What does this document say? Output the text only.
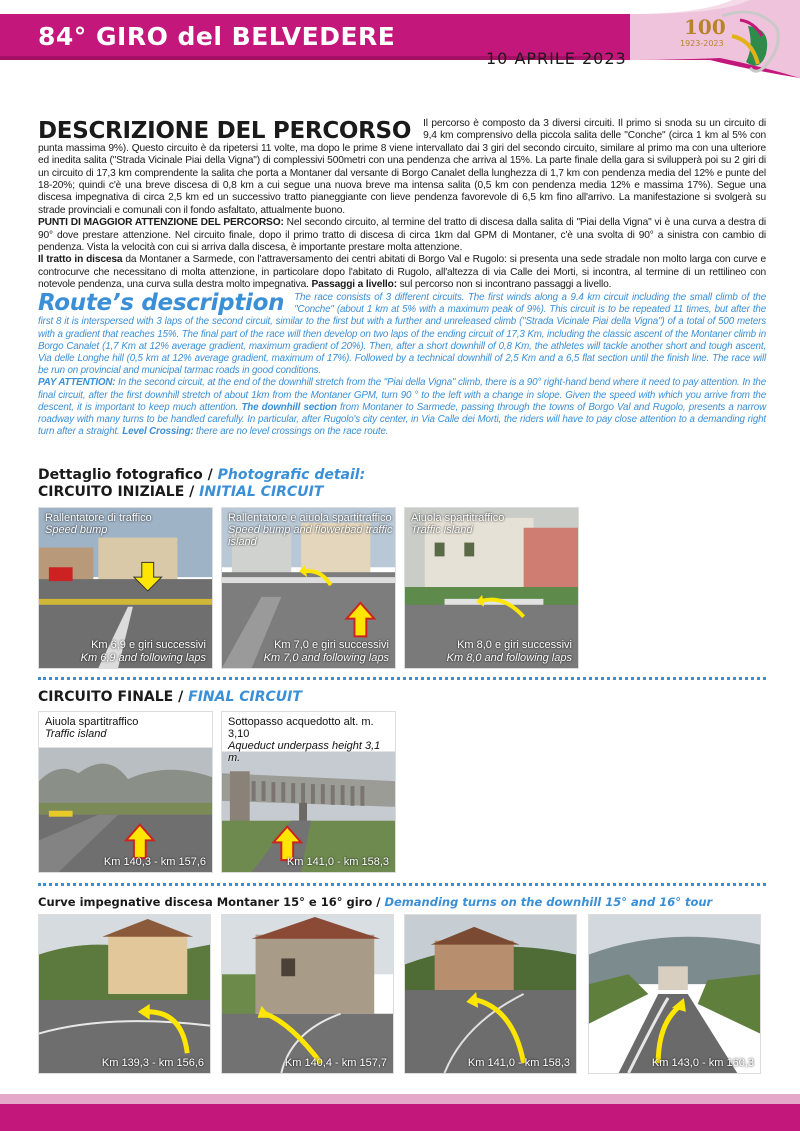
84° GIRO del BELVEDERE
10 APRILE 2023
100
1923-2023
DESCRIZIONE DEL PERCORSO	Il percorso è composto da 3 diversi circuiti. Il primo si snoda su un circuito di 9,4 km comprensivo della piccola salita delle "Conche" (circa 1 km al 5% con punta massima 9%). Questo circuito è da ripetersi 11 volte, ma dopo le prime 8 viene intervallato dai 3 giri del secondo circuito, similare al primo ma con una ulteriore ed inedita salita ("Strada Vicinale Piai della Vigna") di complessivi 500metri con una pendenza che arriva al 15%. La parte finale della gara si svilupperà poi su 2 giri di un circuito di 17,3 km comprendente la salita che porta a Montaner dal versante di Borgo Canalet della lunghezza di 1,7 km con pendenza media del 12% e punte del 18-20%; quindi c'è una breve discesa di 0,8 km a cui segue una nuova breve ma intensa salita (0,5 km con pendenza media 12% e massima 17%). Segue una discesa impegnativa di circa 2,5 km ed un successivo tratto pianeggiante con lieve pendenza favorevole di 6,5 km fino all'arrivo. La manifestazione si svolgerà su strade provinciali e comunali con il fondo asfaltato, attualmente buono.

PUNTI DI MAGGIOR ATTENZIONE DEL PERCORSO: Nel secondo circuito, al termine del tratto di discesa dalla salita di "Piai della Vigna" vi è una curva a destra di 90° dove prestare attenzione. Nel circuito finale, dopo il primo tratto di discesa di circa 1km dal GPM di Montaner, c'è una svolta di 90° a sinistra con cambio di pendenza. Vista la velocità con cui si arriva dalla discesa, è importante prestare molta attenzione.

Il tratto in discesa da Montaner a Sarmede, con l'attraversamento dei centri abitati di Borgo Val e Rugolo: si presenta una sede stradale non molto larga con curve e controcurve che necessitano di molta attenzione, in particolare dopo l'abitato di Rugolo, all'altezza di via Calle dei Morti, si incontra, al termine di un rettilineo con notevole pendenza, una curva sulla destra molto impegnativa. Passaggi a livello: sul percorso non si incontrano passaggi a livello.

Route’s description	The race consists of 3 different circuits. The first winds along a 9.4 km circuit including the small climb of the "Conche" (about 1 km at 5% with a maximum peak of 9%). This circuit is to be repeated 11 times, but after the first 8 it is interspersed with 3 laps of the second circuit, similar to the first but with a further and unreleased climb ("Strada Vicinale Piai della Vigna") of a total of 500 meters with a gradient that reaches 15%. The final part of the race will then develop on two laps of the ending circuit of 17,3 Km, including the classic ascent of the Montaner climb in Borgo Canalet (1,7 Km at 12% average gradient, maximum gradient of 20%). Then, after a short downhill of 0,8 Km, the athletes will tackle another short and tough ascent, Via delle Longhe hill (0,5 km at 12% average gradient, maximum of 17%). Followed by a technical downhill of 2,5 Km and a 6,5 flat section until the finish line. The race will be run on provincial and municipal tarmac roads in good conditions.

PAY ATTENTION: In the second circuit, at the end of the downhill stretch from the "Piai della Vigna" climb, there is a 90° right-hand bend where it need to pay attention. In the final circuit, after the first downhill stretch of about 1km from the Montaner GPM, turn 90 ° to the left with a change in slope. Given the speed with which you arrive from the descent, it is important to keep much attention. The downhill section from Montaner to Sarmede, passing through the towns of Borgo Val and Rugolo, presents a narrow roadway with many turns to be handled carefully. In particular, after Rugolo's city center, in Via Calle dei Morti, the riders will have to pay close attention to a demanding right turn after a straight. Level Crossing: there are no level crossings on the race route.

Dettaglio fotografico / Photografic detail:
CIRCUITO INIZIALE / INITIAL CIRCUIT
Rallentatore di traffico
Speed bump
Km 6,9 e giri successivi
Km 6,9 and following laps
Rallentatore e aiuola spartitraffico
Speed bump and flowerbad traffic island
Km 7,0 e giri successivi
Km 7,0 and following laps
Aiuola spartitraffico
Traffic island
Km 8,0 e giri successivi
Km 8,0 and following laps
CIRCUITO FINALE / FINAL CIRCUIT
Aiuola spartitraffico
Traffic island
Km 140,3 - km 157,6
Sottopasso acquedotto alt. m. 3,10
Aqueduct underpass height 3,1 m.
Km 141,0 - km 158,3
Curve impegnative discesa Montaner 15° e 16° giro / Demanding turns on the downhill 15° and 16° tour
Km 139,3 - km 156,6	Km 140,4 - km 157,7	Km 141,0 - km 158,3	Km 143,0 - km 160,3
